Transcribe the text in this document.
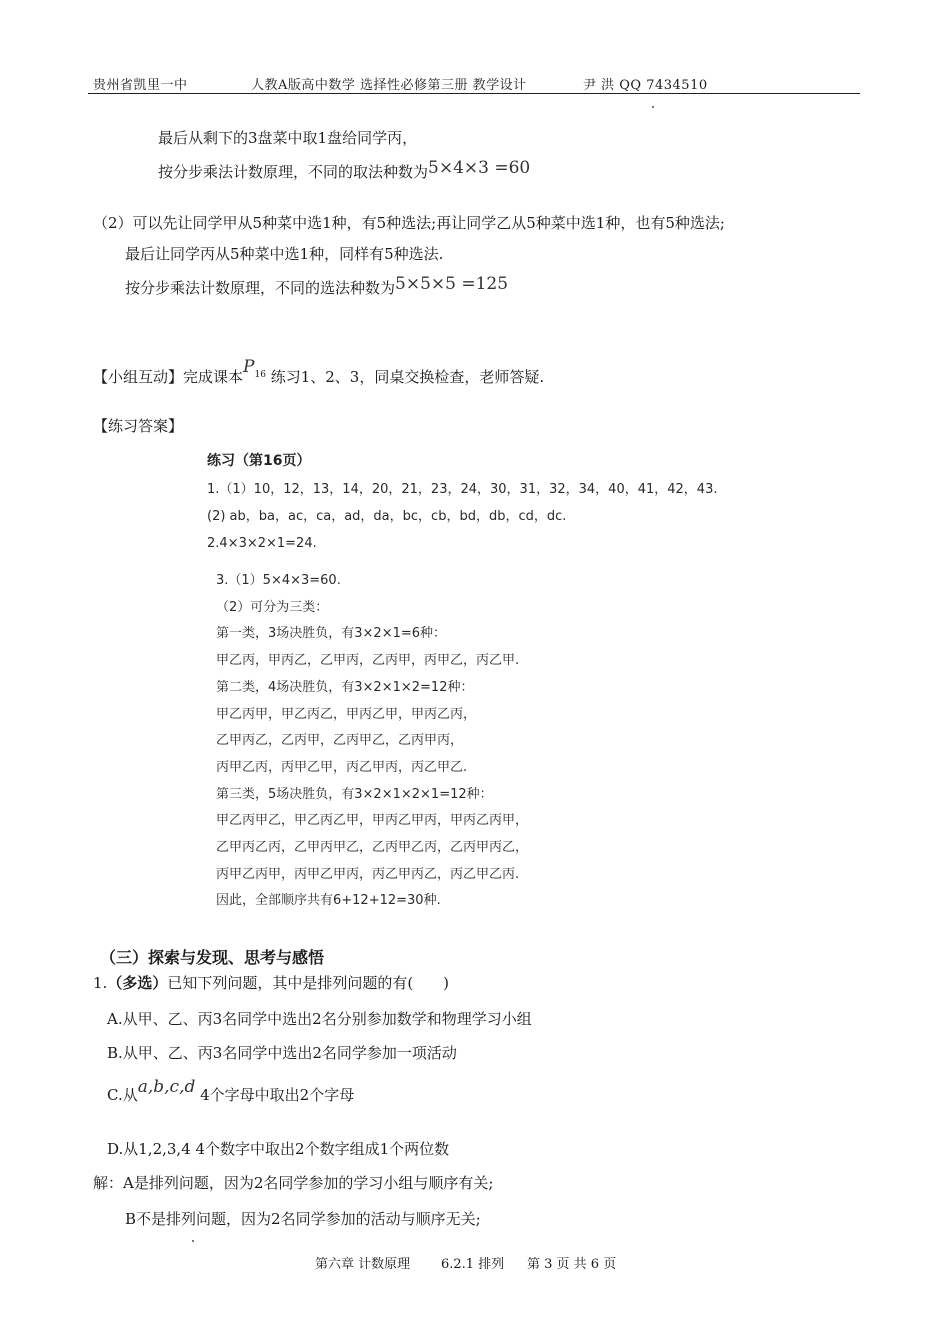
贵州省凯里一中	人教A版高中数学 选择性必修第三册 教学设计	尹 洪 QQ 7434510
最后从剩下的3盘菜中取1盘给同学丙，
按分步乘法计数原理，不同的取法种数为5×4×3 =60
（2）可以先让同学甲从5种菜中选1种，有5种选法;再让同学乙从5种菜中选1种，也有5种选法;
最后让同学丙从5种菜中选1种，同样有5种选法.
按分步乘法计数原理，不同的选法种数为5×5×5 =125
【小组互动】完成课本$P^{16}$ 练习1、2、3，同桌交换检查，老师答疑.
【练习答案】
练习（第16页）
1.（1）10，12，13，14，20，21，23，24，30，31，32，34，40，41，42，43.
(2) ab，ba，ac，ca，ad，da，bc，cb，bd，db，cd，dc.
2.4×3×2×1=24.
3.（1）5×4×3=60.
（2）可分为三类：
第一类，3场决胜负，有3×2×1=6种：
甲乙丙，甲丙乙，乙甲丙，乙丙甲，丙甲乙，丙乙甲.
第二类，4场决胜负，有3×2×1×2=12种：
甲乙丙甲，甲乙丙乙，甲丙乙甲，甲丙乙丙，
乙甲丙乙，乙丙甲，乙丙甲乙，乙丙甲丙，
丙甲乙丙，丙甲乙甲，丙乙甲丙，丙乙甲乙.
第三类，5场决胜负，有3×2×1×2×1=12种：
甲乙丙甲乙，甲乙丙乙甲，甲丙乙甲丙，甲丙乙丙甲，
乙甲丙乙丙，乙甲丙甲乙，乙丙甲乙丙，乙丙甲丙乙，
丙甲乙丙甲，丙甲乙甲丙，丙乙甲丙乙，丙乙甲乙丙.
因此，全部顺序共有6+12+12=30种.
（三）探索与发现、思考与感悟
1.（多选）已知下列问题，其中是排列问题的有(　　)
A.从甲、乙、丙3名同学中选出2名分别参加数学和物理学习小组
B.从甲、乙、丙3名同学中选出2名同学参加一项活动
C.从a,b,c,d 4个字母中取出2个字母
D.从1,2,3,4 4个数字中取出2个数字组成1个两位数
解：A是排列问题，因为2名同学参加的学习小组与顺序有关;
B不是排列问题，因为2名同学参加的活动与顺序无关;
第六章 计数原理 6.2.1 排列 第 3 页 共 6 页
